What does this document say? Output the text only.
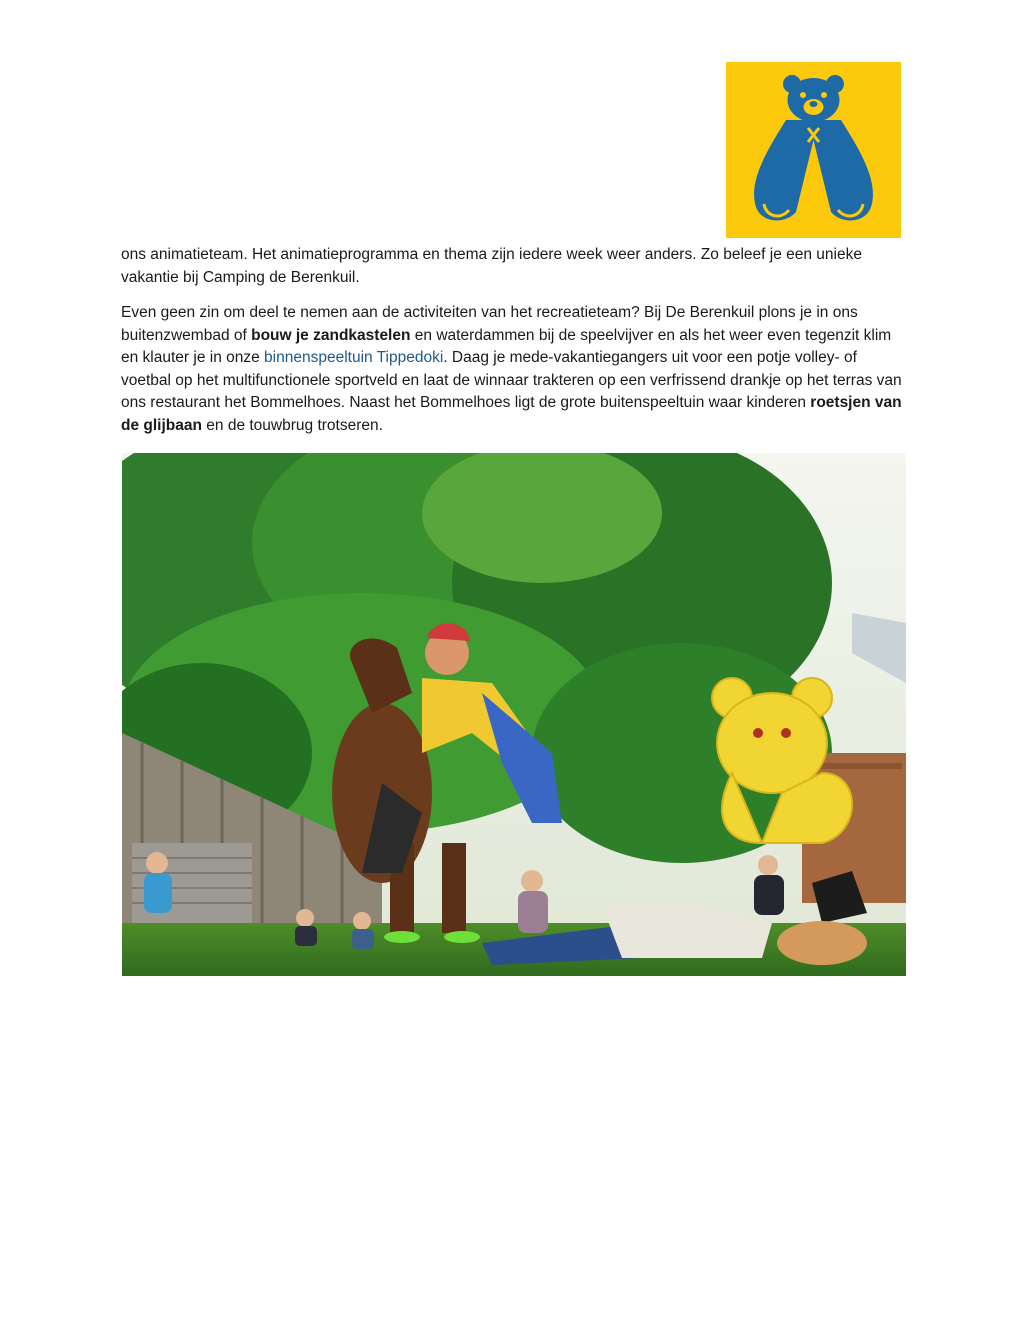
ons animatieteam. Het animatieprogramma en thema zijn iedere week weer anders. Zo beleef je een unieke vakantie bij Camping de Berenkuil.

Even geen zin om deel te nemen aan de activiteiten van het recreatieteam? Bij De Berenkuil plons je in ons buitenzwembad of bouw je zandkastelen en waterdammen bij de speelvijver en als het weer even tegenzit klim en klauter je in onze binnenspeeltuin Tippedoki. Daag je mede-vakantiegangers uit voor een potje volley- of voetbal op het multifunctionele sportveld en laat de winnaar trakteren op een verfrissend drankje op het terras van ons restaurant het Bommelhoes. Naast het Bommelhoes ligt de grote buitenspeeltuin waar kinderen roetsjen van de glijbaan en de touwbrug trotseren.
